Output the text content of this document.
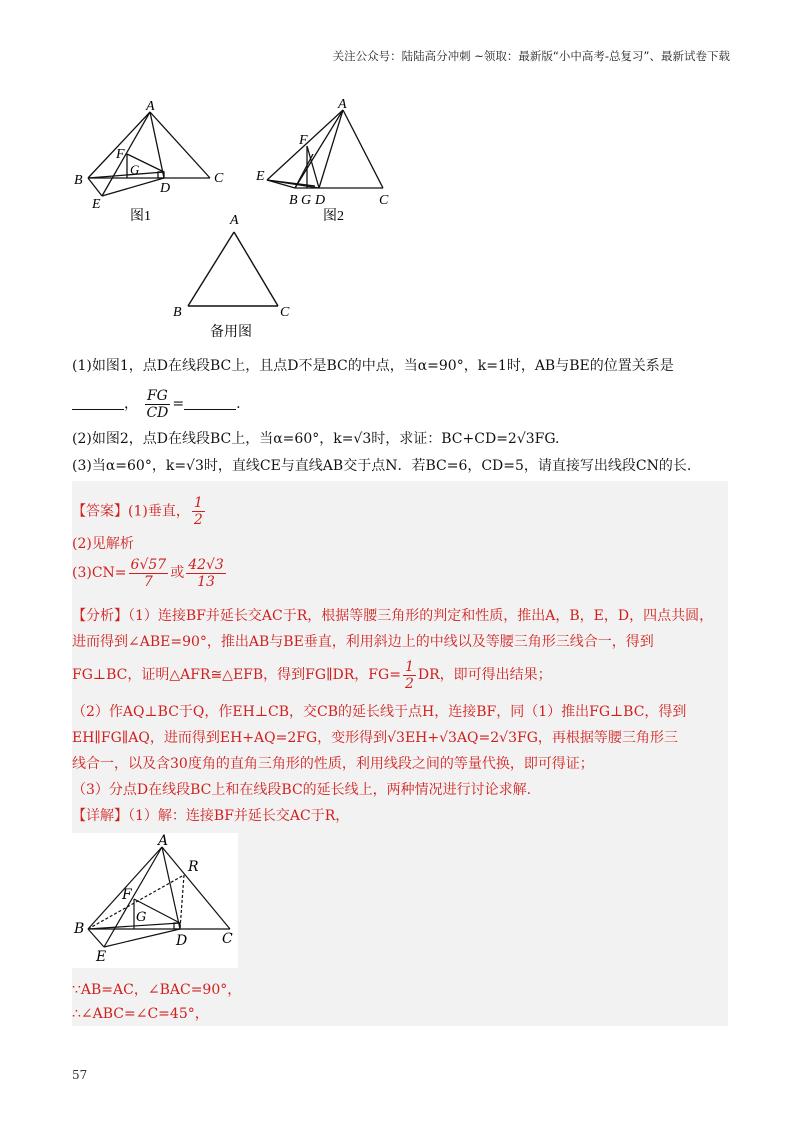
关注公众号：陆陆高分冲刺 ~领取：最新版“小中高考-总复习”、最新试卷下载
A
B	C
D
E
F
G
图1
A
B	C
D
E
F
G
图2
A
B	C
备用图
(1)如图1，点D在线段BC上，且点D不是BC的中点，当α=90°，k=1时，AB与BE的位置关系是
， $\frac{FG}{CD}$ =	.
(2)如图2，点D在线段BC上，当α=60°，k=√3时，求证：BC+CD=2√3FG.
(3)当α=60°，k=√3时，直线CE与直线AB交于点N．若BC=6，CD=5，请直接写出线段CN的长.
【答案】(1)垂直， $\frac{1}{2}$
(2)见解析
$(3)CN= \frac{6√57}{7}$ 或 $\frac{42√3}{13}$
【分析】（1）连接BF并延长交AC于R，根据等腰三角形的判定和性质，推出A，B，E，D，四点共圆，
进而得到∠ABE=90°，推出AB与BE垂直，利用斜边上的中线以及等腰三角形三线合一，得到
FG⊥BC，证明△AFR≅△EFB，得到FG∥DR，$FG= \frac{1}{2}$ DR，即可得出结果；
（2）作AQ⊥BC于Q，作EH⊥CB，交CB的延长线于点H，连接BF，同（1）推出FG⊥BC，得到
EH∥FG∥AQ，进而得到EH+AQ=2FG，变形得到√3EH+√3AQ=2√3FG，再根据等腰三角形三
线合一，以及含30度角的直角三角形的性质，利用线段之间的等量代换，即可得证；
（3）分点D在线段BC上和在线段BC的延长线上，两种情况进行讨论求解.
【详解】（1）解：连接BF并延长交AC于R，
A
B
C
D
E
F
G
R
∵AB=AC，∠BAC=90°，
∴∠ABC=∠C=45°，
57
